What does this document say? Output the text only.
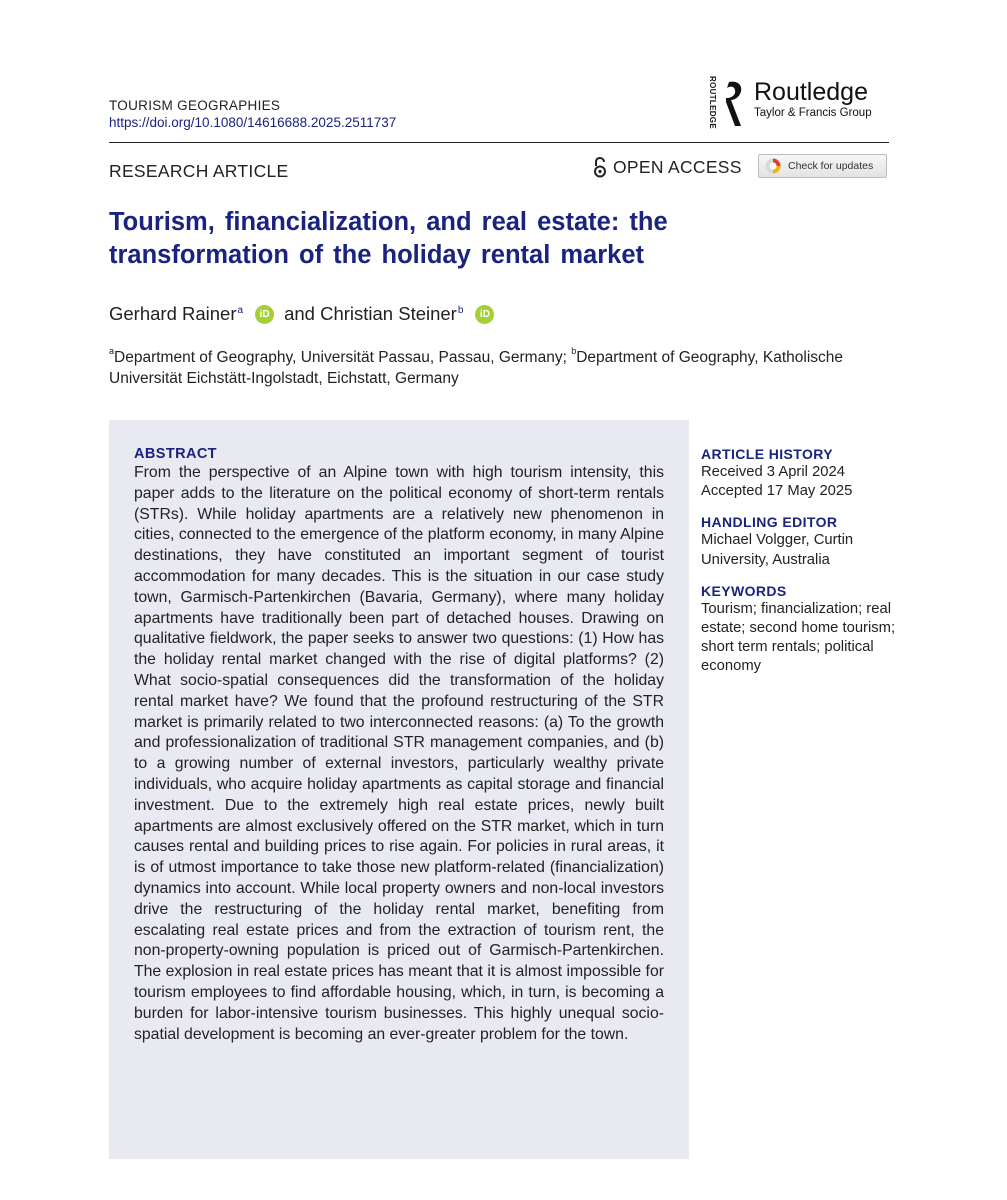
TOURISM GEOGRAPHIES
https://doi.org/10.1080/14616688.2025.2511737	ROUTLEDGE Routledge
Taylor & Francis Group
RESEARCH ARTICLE	OPEN ACCESS	Check for updates
Tourism, financialization, and real estate: the
transformation of the holiday rental market
Gerhard Rainer$^a$	iD and
Christian Steiner$^b$	iD
$^a$Department of Geography, Universität Passau, Passau, Germany; $^b$Department of Geography, Katholische Universität Eichstätt-Ingolstadt, Eichstatt, Germany
ABSTRACT
From the perspective of an Alpine town with high tourism intensity, this paper adds to the literature on the political economy of short-term rentals (STRs). While holiday apartments are a relatively new phenomenon in cities, connected to the emergence of the platform economy, in many Alpine destinations, they have constituted an important segment of tourist accommodation for many decades. This is the situation in our case study town, Garmisch-Partenkirchen (Bavaria, Germany), where many holiday apartments have traditionally been part of detached houses. Drawing on qualitative fieldwork, the paper seeks to answer two questions: (1) How has the holiday rental market changed with the rise of digital platforms? (2) What socio-spatial consequences did the transformation of the holiday rental market have? We found that the profound restructuring of the STR market is primarily related to two interconnected reasons: (a) To the growth and professionalization of traditional STR management companies, and (b) to a growing number of external investors, particularly wealthy private individuals, who acquire holiday apartments as capital storage and financial investment. Due to the extremely high real estate prices, newly built apartments are almost exclusively offered on the STR market, which in turn causes rental and building prices to rise again. For policies in rural areas, it is of utmost importance to take those new platform-related (financialization) dynamics into account. While local property owners and non-local investors drive the restructuring of the holiday rental market, benefiting from escalating real estate prices and from the extraction of tourism rent, the non-property-owning population is priced out of Garmisch-Partenkirchen. The explosion in real estate prices has meant that it is almost impossible for tourism employees to find affordable housing, which, in turn, is becoming a burden for labor-intensive tourism businesses. This highly unequal socio-spatial development is becoming an ever-greater problem for the town.
ARTICLE HISTORY
Received 3 April 2024
Accepted 17 May 2025
HANDLING EDITOR
Michael Volgger, Curtin University, Australia
KEYWORDS
Tourism; financialization; real estate; second home tourism; short term rentals; political economy
